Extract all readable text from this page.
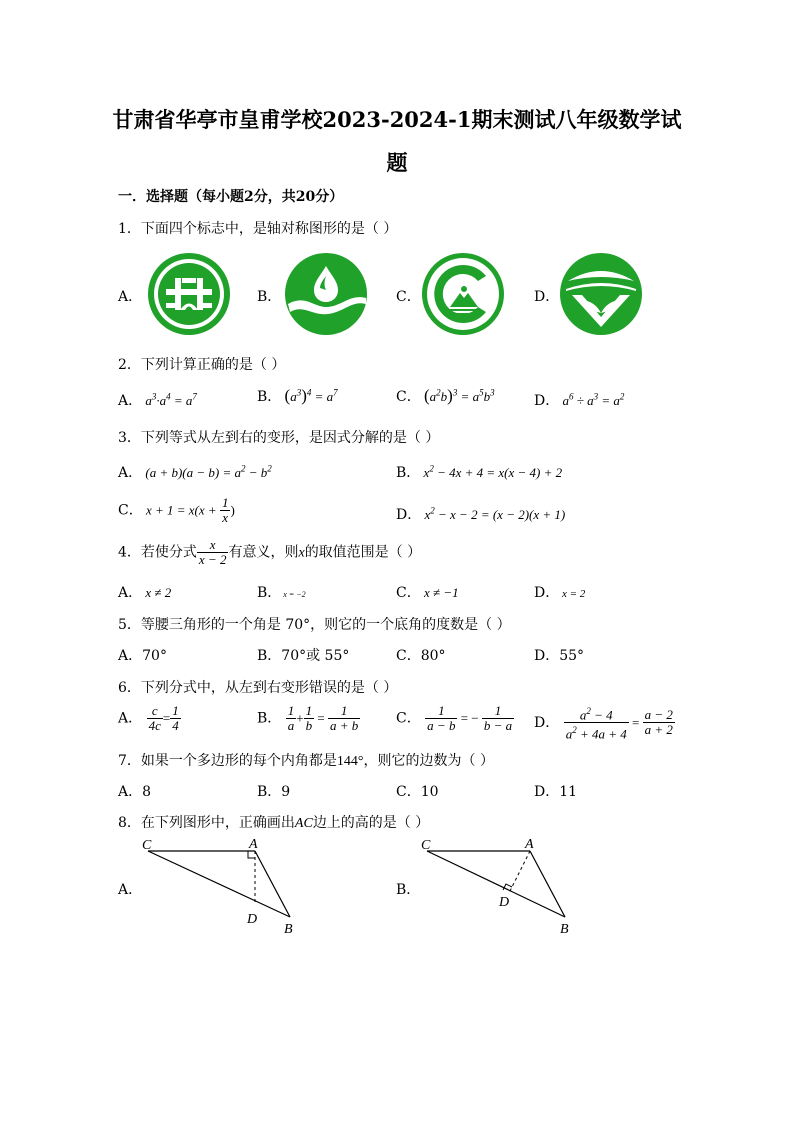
甘肃省华亭市皇甫学校2023-2024-1期末测试八年级数学试
题
一．选择题（每小题2分，共20分）
1．下面四个标志中，是轴对称图形的是（ ）
A．	B．	C．	D．
2．下列计算正确的是（ ）
A． $a^3\cdot a^4 = a^7$	B． $(a^3)^4 = a^7$	C． $(a^2b)^3 = a^5b^3$
D． $a^6 \div a^3 = a^2$
3．下列等式从左到右的变形，是因式分解的是（ ）
A． $(a + b)(a - b) = a^2 - b^2$	B． $x^2 - 4x + 4 = x(x - 4) + 2$
C． $x + 1 = x(x + \frac{1}{x}$ )	D． $x^2 - x - 2 = (x - 2)(x + 1)$
4．若使分式 $\frac{x}{x - 2}$ 有意义，则x的取值范围是（ ）
A． x ≠ 2	B． x = −2	C． x ≠ −1	D． x = 2
5．等腰三角形的一个角是 70°，则它的一个底角的度数是（ ）
A．70°	B．70°或 55°	C．80°	D．55°
6．下列分式中，从左到右变形错误的是（ ）
A． $\frac{c}{4c} = \frac{1}{4}$	B． $\frac{1}{a} + \frac{1}{b} = \frac{1}{a + b}$	C． $\frac{1}{a - b}$ = − $\frac{1}{b - a}$ D． $\frac{a^2 - 4}{a^2 + 4a + 4} = \frac{a - 2}{a + 2}$
7．如果一个多边形的每个内角都是144°，则它的边数为（ ）
A．8	B．9	C．10	D．11
8．在下列图形中，正确画出AC边上的高的是（ ）
A．	B．
C	A
D
B
C	A
D
B
